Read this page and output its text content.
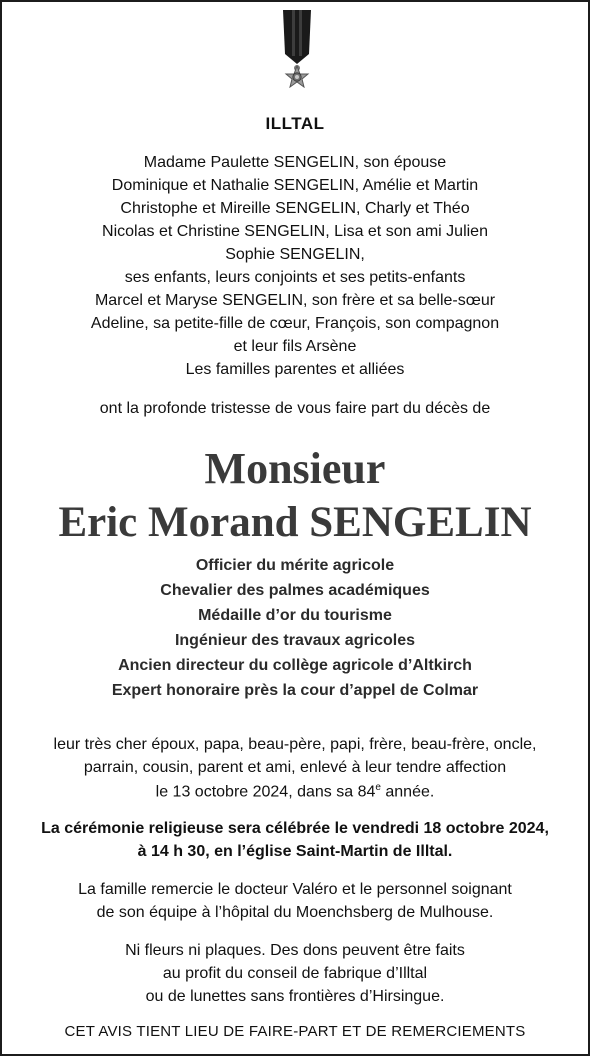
ILLTAL
Madame Paulette SENGELIN, son épouse
Dominique et Nathalie SENGELIN, Amélie et Martin
Christophe et Mireille SENGELIN, Charly et Théo
Nicolas et Christine SENGELIN, Lisa et son ami Julien
Sophie SENGELIN,
ses enfants, leurs conjoints et ses petits-enfants
Marcel et Maryse SENGELIN, son frère et sa belle-sœur
Adeline, sa petite-fille de cœur, François, son compagnon
et leur fils Arsène
Les familles parentes et alliées
ont la profonde tristesse de vous faire part du décès de
Monsieur
Eric Morand SENGELIN
Officier du mérite agricole
Chevalier des palmes académiques
Médaille d’or du tourisme
Ingénieur des travaux agricoles
Ancien directeur du collège agricole d’Altkirch
Expert honoraire près la cour d’appel de Colmar
leur très cher époux, papa, beau-père, papi, frère, beau-frère, oncle,
parrain, cousin, parent et ami, enlevé à leur tendre affection
le 13 octobre 2024, dans sa 84e année.
La cérémonie religieuse sera célébrée le vendredi 18 octobre 2024,
à 14 h 30, en l’église Saint-Martin de Illtal.
La famille remercie le docteur Valéro et le personnel soignant
de son équipe à l’hôpital du Moenchsberg de Mulhouse.
Ni fleurs ni plaques. Des dons peuvent être faits
au profit du conseil de fabrique d’Illtal
ou de lunettes sans frontières d’Hirsingue.
CET AVIS TIENT LIEU DE FAIRE-PART ET DE REMERCIEMENTS
